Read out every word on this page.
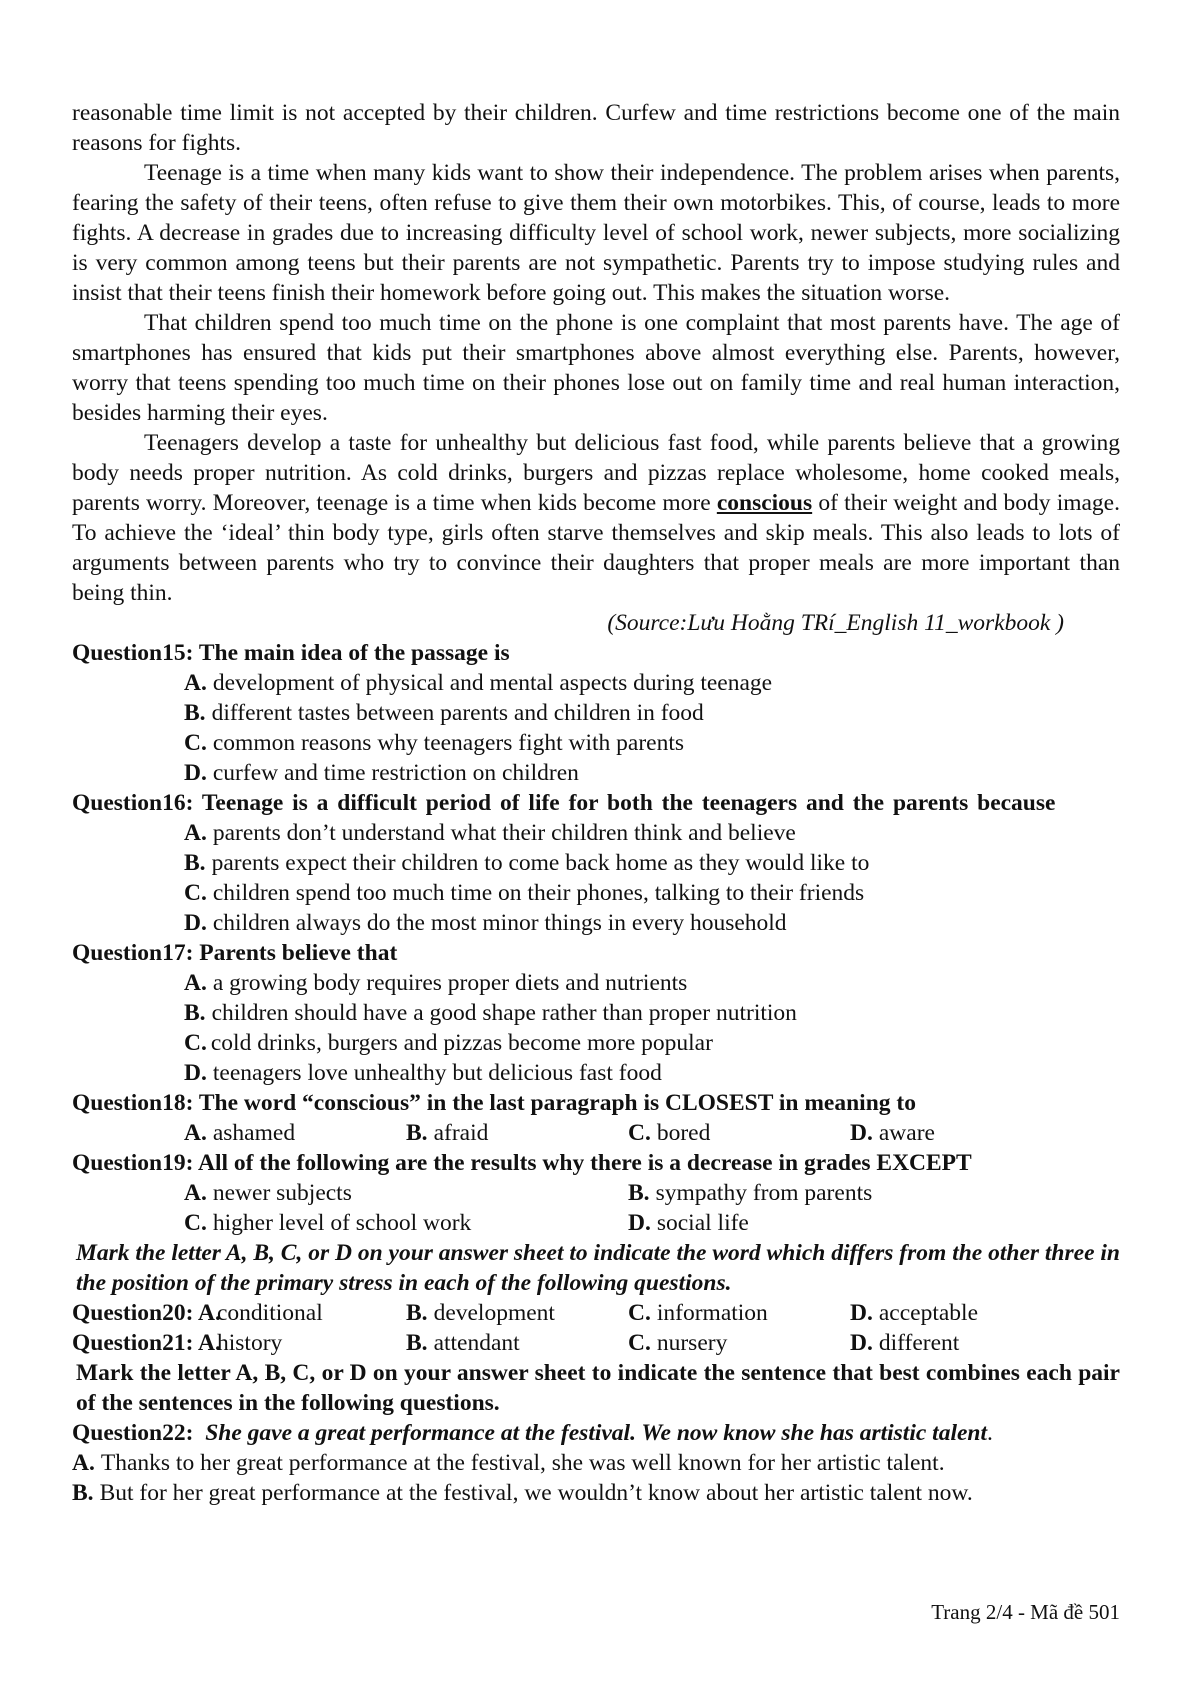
reasonable time limit is not accepted by their children. Curfew and time restrictions become one of the main reasons for fights.

Teenage is a time when many kids want to show their independence. The problem arises when parents, fearing the safety of their teens, often refuse to give them their own motorbikes. This, of course, leads to more fights. A decrease in grades due to increasing difficulty level of school work, newer subjects, more socializing is very common among teens but their parents are not sympathetic. Parents try to impose studying rules and insist that their teens finish their homework before going out. This makes the situation worse.

That children spend too much time on the phone is one complaint that most parents have. The age of smartphones has ensured that kids put their smartphones above almost everything else. Parents, however, worry that teens spending too much time on their phones lose out on family time and real human interaction, besides harming their eyes.

Teenagers develop a taste for unhealthy but delicious fast food, while parents believe that a growing body needs proper nutrition. As cold drinks, burgers and pizzas replace wholesome, home cooked meals, parents worry. Moreover, teenage is a time when kids become more conscious of their weight and body image. To achieve the ‘ideal’ thin body type, girls often starve themselves and skip meals. This also leads to lots of arguments between parents who try to convince their daughters that proper meals are more important than being thin.

(Source:Lưu Hoằng TRí_English 11_workbook )

Question15: The main idea of the passage is

A. development of physical and mental aspects during teenage
B. different tastes between parents and children in food
C. common reasons why teenagers fight with parents
D. curfew and time restriction on children

Question16: Teenage is a difficult period of life for both the teenagers and the parents because

A. parents don’t understand what their children think and believe
B. parents expect their children to come back home as they would like to
C. children spend too much time on their phones, talking to their friends
D. children always do the most minor things in every household

Question17: Parents believe that

A. a growing body requires proper diets and nutrients
B. children should have a good shape rather than proper nutrition
C. cold drinks, burgers and pizzas become more popular
D. teenagers love unhealthy but delicious fast food

Question18: The word “conscious” in the last paragraph is CLOSEST in meaning to

A. ashamed	B. afraid	C. bored	D. aware

Question19: All of the following are the results why there is a decrease in grades EXCEPT

A. newer subjects	B. sympathy from parents
C. higher level of school work	D. social life

Mark the letter A, B, C, or D on your answer sheet to indicate the word which differs from the other three in the position of the primary stress in each of the following questions.

Question20: A.
conditional	B. development	C. information	D. acceptable
Question21: A.
history	B. attendant	C. nursery	D. different

Mark the letter A, B, C, or D on your answer sheet to indicate the sentence that best combines each pair of the sentences in the following questions.

Question22: She gave a great performance at the festival. We now know she has artistic talent.

A. Thanks to her great performance at the festival, she was well known for her artistic talent.
B. But for her great performance at the festival, we wouldn’t know about her artistic talent now.
Trang 2/4 - Mã đề 501
